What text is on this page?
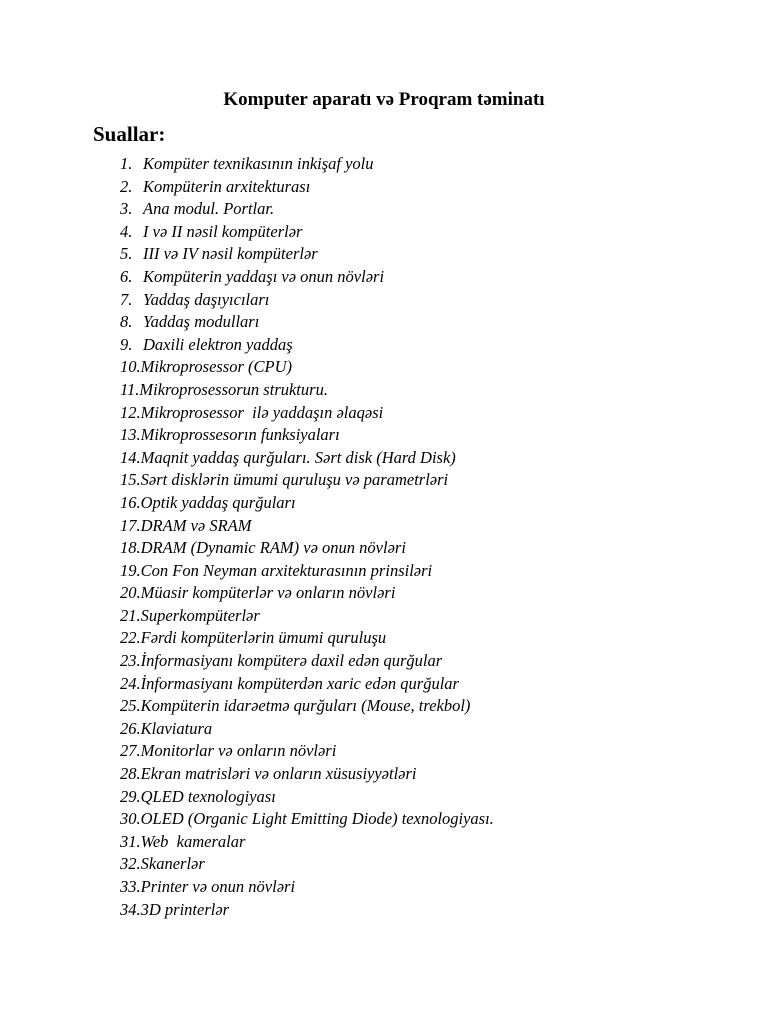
Komputer aparatı və Proqram təminatı
Suallar:
1. Kompüter texnikasının inkişaf yolu
2. Kompüterin arxitekturası
3. Ana modul. Portlar.
4. I və II nəsil kompüterlər
5. III və IV nəsil kompüterlər
6. Kompüterin yaddaşı və onun növləri
7. Yaddaş daşıyıcıları
8. Yaddaş modulları
9. Daxili elektron yaddaş
10. Mikroprosessor (CPU)
11. Mikroprosessorun strukturu.
12. Mikroprosessor  ilə yaddaşın əlaqəsi
13. Mikroprossesorın funksiyaları
14. Maqnit yaddaş qurğuları. Sərt disk (Hard Disk)
15. Sərt disklərin ümumi quruluşu və parametrləri
16. Optik yaddaş qurğuları
17. DRAM və SRAM
18. DRAM (Dynamic RAM) və onun növləri
19. Con Fon Neyman arxitekturasının prinsiləri
20. Müasir kompüterlər və onların növləri
21. Superkompüterlər
22. Fərdi kompüterlərin ümumi quruluşu
23. İnformasiyanı kompüterə daxil edən qurğular
24. İnformasiyanı kompüterdən xaric edən qurğular
25. Kompüterin idarəetmə qurğuları (Mouse, trekbol)
26. Klaviatura
27. Monitorlar və onların növləri
28. Ekran matrisləri və onların xüsusiyyətləri
29. QLED texnologiyası
30. OLED (Organic Light Emitting Diode) texnologiyası.
31. Web  kameralar
32. Skanerlər
33. Printer və onun növləri
34. 3D printerlər
